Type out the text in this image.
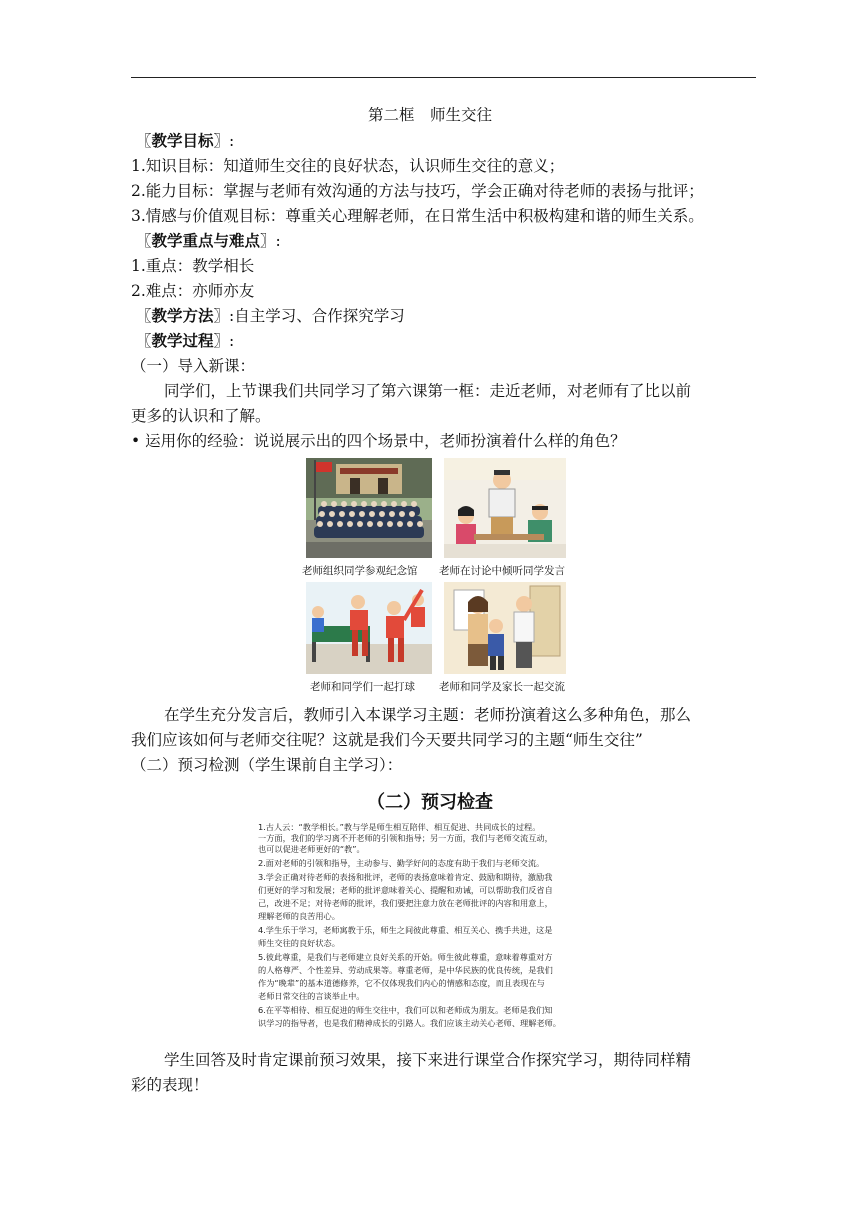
第二框　师生交往
〖教学目标〗:
1.知识目标：知道师生交往的良好状态，认识师生交往的意义；
2.能力目标：掌握与老师有效沟通的方法与技巧，学会正确对待老师的表扬与批评；
3.情感与价值观目标：尊重关心理解老师，在日常生活中积极构建和谐的师生关系。
〖教学重点与难点〗:
1.重点：教学相长
2.难点：亦师亦友
〖教学方法〗:自主学习、合作探究学习
〖教学过程〗:
（一）导入新课：
同学们，上节课我们共同学习了第六课第一框：走近老师，对老师有了比以前
更多的认识和了解。
• 运用你的经验：说说展示出的四个场景中，老师扮演着什么样的角色？
老师组织同学参观纪念馆 老师在讨论中倾听同学发言
老师和同学们一起打球 老师和同学及家长一起交流
在学生充分发言后，教师引入本课学习主题：老师扮演着这么多种角色，那么
我们应该如何与老师交往呢？这就是我们今天要共同学习的主题“师生交往”
（二）预习检测（学生课前自主学习）：
（二）预习检查
1.古人云：“教学相长。”教与学是师生相互陪伴、相互促进、共同成长的过程。
一方面，我们的学习离不开老师的引领和指导；另一方面，我们与老师交流互动，
也可以促进老师更好的“教”。
2.面对老师的引领和指导，主动参与、勤学好问的态度有助于我们与老师交流。
3.学会正确对待老师的表扬和批评，老师的表扬意味着肯定、鼓励和期待，激励我
们更好的学习和发展；老师的批评意味着关心、提醒和劝诫，可以帮助我们反省自
己，改进不足；对待老师的批评，我们要把注意力放在老师批评的内容和用意上，
理解老师的良苦用心。
4.学生乐于学习，老师寓教于乐，师生之间彼此尊重、相互关心、携手共进，这是
师生交往的良好状态。
5.彼此尊重，是我们与老师建立良好关系的开始。师生彼此尊重，意味着尊重对方
的人格尊严、个性差异、劳动成果等。尊重老师，是中华民族的优良传统，是我们
作为“晚辈”的基本道德修养，它不仅体现我们内心的情感和态度，而且表现在与
老师日常交往的言谈举止中。
6.在平等相待、相互促进的师生交往中，我们可以和老师成为朋友。老师是我们知
识学习的指导者，也是我们精神成长的引路人。我们应该主动关心老师、理解老师。
学生回答及时肯定课前预习效果，接下来进行课堂合作探究学习，期待同样精
彩的表现！
